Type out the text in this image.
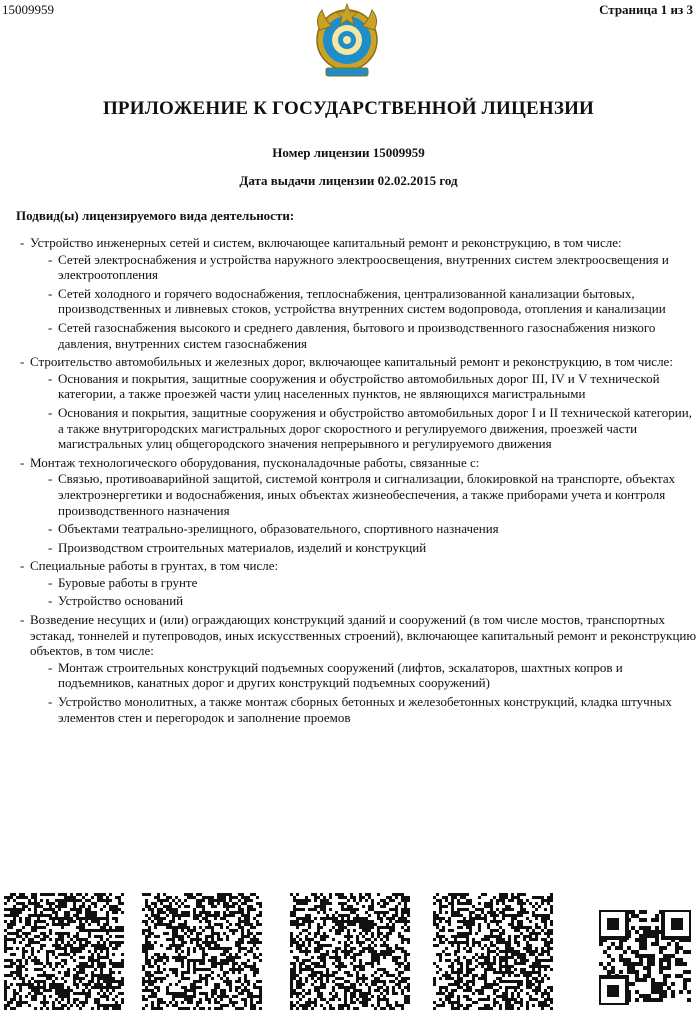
15009959	Страница 1 из 3
ПРИЛОЖЕНИЕ К ГОСУДАРСТВЕННОЙ ЛИЦЕНЗИИ
Номер лицензии 15009959
Дата выдачи лицензии 02.02.2015 год
Подвид(ы) лицензируемого вида деятельности:
- Устройство инженерных сетей и систем, включающее капитальный ремонт и реконструкцию, в том числе:
- Сетей электроснабжения и устройства наружного электроосвещения, внутренних систем электроосвещения и электроотопления
- Сетей холодного и горячего водоснабжения, теплоснабжения, централизованной канализации бытовых, производственных и ливневых стоков, устройства внутренних систем водопровода, отопления и канализации
- Сетей газоснабжения высокого и среднего давления, бытового и производственного газоснабжения низкого давления, внутренних систем газоснабжения
- Строительство автомобильных и железных дорог, включающее капитальный ремонт и реконструкцию, в том числе:
- Основания и покрытия, защитные сооружения и обустройство автомобильных дорог III, IV и V технической категории, а также проезжей части улиц населенных пунктов, не являющихся магистральными
- Основания и покрытия, защитные сооружения и обустройство автомобильных дорог I и II технической категории, а также внутригородских магистральных дорог скоростного и регулируемого движения, проезжей части магистральных улиц общегородского значения непрерывного и регулируемого движения
- Монтаж технологического оборудования, пусконаладочные работы, связанные с:
- Связью, противоаварийной защитой, системой контроля и сигнализации, блокировкой на транспорте, объектах электроэнергетики и водоснабжения, иных объектах жизнеобеспечения, а также приборами учета и контроля производственного назначения
- Объектами театрально-зрелищного, образовательного, спортивного назначения
- Производством строительных материалов, изделий и конструкций
- Специальные работы в грунтах, в том числе:
- Буровые работы в грунте
- Устройство оснований
- Возведение несущих и (или) ограждающих конструкций зданий и сооружений (в том числе мостов, транспортных эстакад, тоннелей и путепроводов, иных искусственных строений), включающее капитальный ремонт и реконструкцию объектов, в том числе:
- Монтаж строительных конструкций подъемных сооружений (лифтов, эскалаторов, шахтных копров и подъемников, канатных дорог и других конструкций подъемных сооружений)
- Устройство монолитных, а также монтаж сборных бетонных и железобетонных конструкций, кладка штучных элементов стен и перегородок и заполнение проемов
